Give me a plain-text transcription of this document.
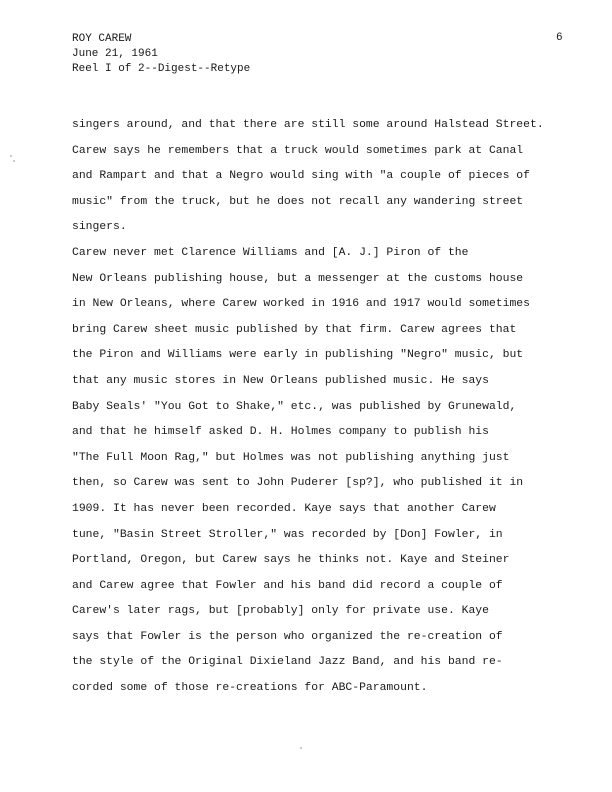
ROY CAREW
June 21, 1961
Reel I of 2--Digest--Retype
6
singers around, and that there are still some around Halstead Street.
Carew says he remembers that a truck would sometimes park at Canal
and Rampart and that a Negro would sing with "a couple of pieces of
music" from the truck, but he does not recall any wandering street
singers.
Carew never met Clarence Williams and [A. J.] Piron of the
New Orleans publishing house, but a messenger at the customs house
in New Orleans, where Carew worked in 1916 and 1917 would sometimes
bring Carew sheet music published by that firm. Carew agrees that
the Piron and Williams were early in publishing "Negro" music, but
that any music stores in New Orleans published music. He says
Baby Seals' "You Got to Shake," etc., was published by Grunewald,
and that he himself asked D. H. Holmes company to publish his
"The Full Moon Rag," but Holmes was not publishing anything just
then, so Carew was sent to John Puderer [sp?], who published it in
1909. It has never been recorded. Kaye says that another Carew
tune, "Basin Street Stroller," was recorded by [Don] Fowler, in
Portland, Oregon, but Carew says he thinks not. Kaye and Steiner
and Carew agree that Fowler and his band did record a couple of
Carew's later rags, but [probably] only for private use. Kaye
says that Fowler is the person who organized the re-creation of
the style of the Original Dixieland Jazz Band, and his band re-
corded some of those re-creations for ABC-Paramount.
